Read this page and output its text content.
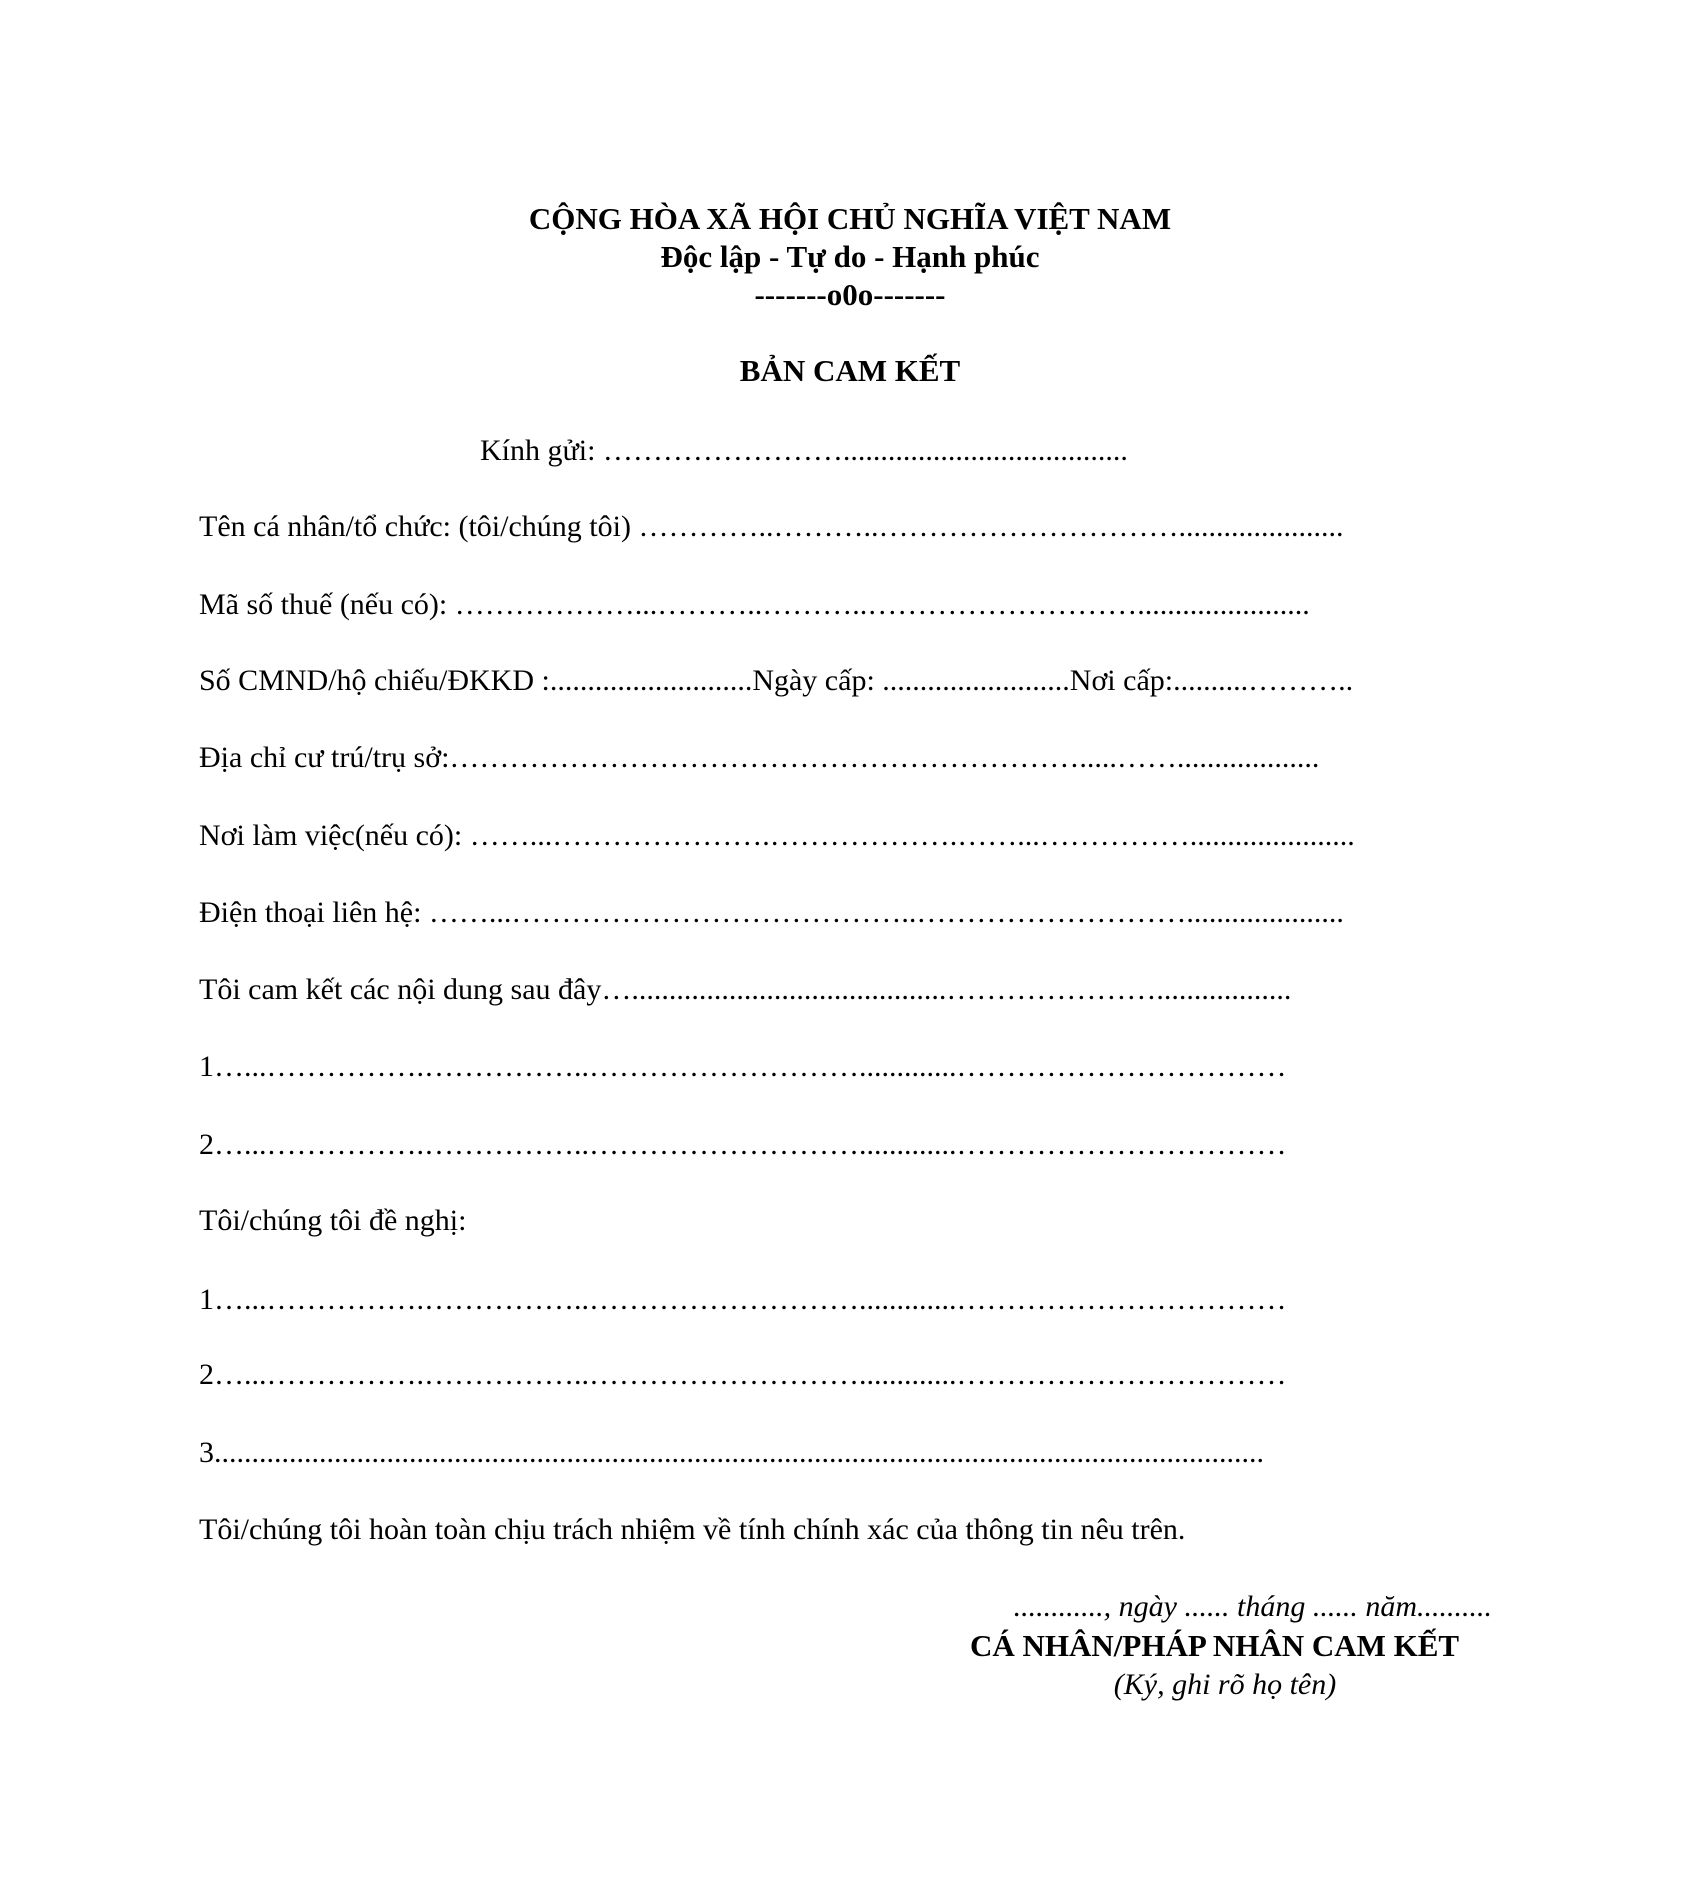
CỘNG HÒA XÃ HỘI CHỦ NGHĨA VIỆT NAM
Độc lập - Tự do - Hạnh phúc
-------o0o-------
BẢN CAM KẾT
Kính gửi: ……………………......................................
Tên cá nhân/tổ chức: (tôi/chúng tôi) …………..………..…………………………......................
Mã số thuế (nếu có): ………………...………..………..……………………….......................
Số CMND/hộ chiếu/ĐKKD :...........................Ngày cấp: .........................Nơi cấp:..........………..
Địa chỉ cư trú/trụ sở:……………………………………………………….....……...................
Nơi làm việc(nếu có): ……...………………….……………….……...……………......................
Điện thoại liên hệ: ……...…………………………………..……………………….....................
Tôi cam kết các nội dung sau đây…..........................................…………………..................
1…...…………….……………..……………………….............……………………………
2…...…………….……………..……………………….............……………………………
Tôi/chúng tôi đề nghị:
1…...…………….……………..……………………….............……………………………
2…...…………….……………..……………………….............……………………………
3............................................................................................................................................
Tôi/chúng tôi hoàn toàn chịu trách nhiệm về tính chính xác của thông tin nêu trên.
............, ngày ...... tháng ...... năm..........
CÁ NHÂN/PHÁP NHÂN CAM KẾT
(Ký, ghi rõ họ tên)
